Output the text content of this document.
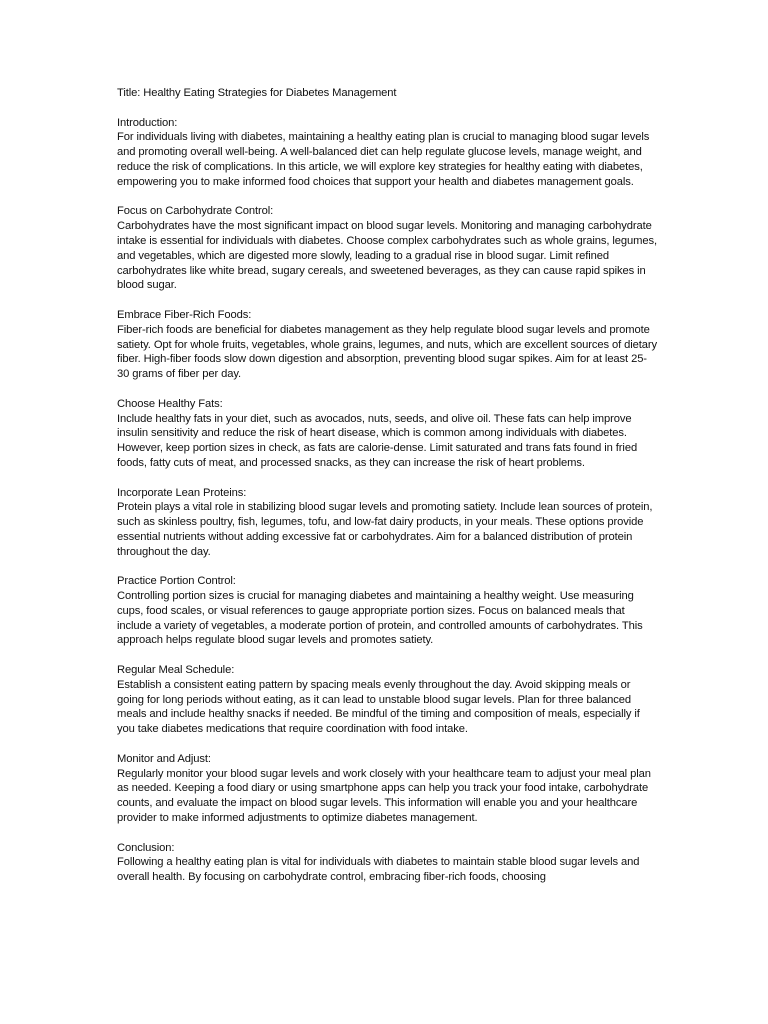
Title: Healthy Eating Strategies for Diabetes Management

Introduction:

For individuals living with diabetes, maintaining a healthy eating plan is crucial to managing blood sugar levels and promoting overall well-being. A well-balanced diet can help regulate glucose levels, manage weight, and reduce the risk of complications. In this article, we will explore key strategies for healthy eating with diabetes, empowering you to make informed food choices that support your health and diabetes management goals.

Focus on Carbohydrate Control:

Carbohydrates have the most significant impact on blood sugar levels. Monitoring and managing carbohydrate intake is essential for individuals with diabetes. Choose complex carbohydrates such as whole grains, legumes, and vegetables, which are digested more slowly, leading to a gradual rise in blood sugar. Limit refined carbohydrates like white bread, sugary cereals, and sweetened beverages, as they can cause rapid spikes in blood sugar.

Embrace Fiber-Rich Foods:

Fiber-rich foods are beneficial for diabetes management as they help regulate blood sugar levels and promote satiety. Opt for whole fruits, vegetables, whole grains, legumes, and nuts, which are excellent sources of dietary fiber. High-fiber foods slow down digestion and absorption, preventing blood sugar spikes. Aim for at least 25-30 grams of fiber per day.

Choose Healthy Fats:

Include healthy fats in your diet, such as avocados, nuts, seeds, and olive oil. These fats can help improve insulin sensitivity and reduce the risk of heart disease, which is common among individuals with diabetes. However, keep portion sizes in check, as fats are calorie-dense. Limit saturated and trans fats found in fried foods, fatty cuts of meat, and processed snacks, as they can increase the risk of heart problems.

Incorporate Lean Proteins:

Protein plays a vital role in stabilizing blood sugar levels and promoting satiety. Include lean sources of protein, such as skinless poultry, fish, legumes, tofu, and low-fat dairy products, in your meals. These options provide essential nutrients without adding excessive fat or carbohydrates. Aim for a balanced distribution of protein throughout the day.

Practice Portion Control:

Controlling portion sizes is crucial for managing diabetes and maintaining a healthy weight. Use measuring cups, food scales, or visual references to gauge appropriate portion sizes. Focus on balanced meals that include a variety of vegetables, a moderate portion of protein, and controlled amounts of carbohydrates. This approach helps regulate blood sugar levels and promotes satiety.

Regular Meal Schedule:

Establish a consistent eating pattern by spacing meals evenly throughout the day. Avoid skipping meals or going for long periods without eating, as it can lead to unstable blood sugar levels. Plan for three balanced meals and include healthy snacks if needed. Be mindful of the timing and composition of meals, especially if you take diabetes medications that require coordination with food intake.

Monitor and Adjust:

Regularly monitor your blood sugar levels and work closely with your healthcare team to adjust your meal plan as needed. Keeping a food diary or using smartphone apps can help you track your food intake, carbohydrate counts, and evaluate the impact on blood sugar levels. This information will enable you and your healthcare provider to make informed adjustments to optimize diabetes management.

Conclusion:

Following a healthy eating plan is vital for individuals with diabetes to maintain stable blood sugar levels and overall health. By focusing on carbohydrate control, embracing fiber-rich foods, choosing
